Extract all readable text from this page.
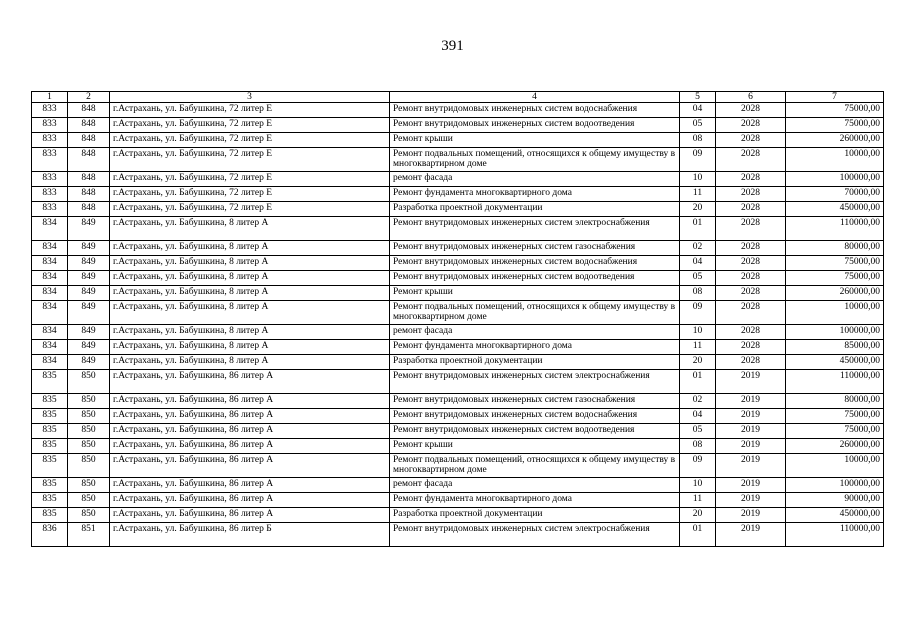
391
1	2	3	4	5	6	7
833	848	г.Астрахань, ул. Бабушкина, 72 литер Е	Ремонт внутридомовых инженерных систем водоснабжения	04	2028	75000,00
833	848	г.Астрахань, ул. Бабушкина, 72 литер Е	Ремонт внутридомовых инженерных систем водоотведения	05	2028	75000,00
833	848	г.Астрахань, ул. Бабушкина, 72 литер Е	Ремонт крыши	08	2028	260000,00
833	848	г.Астрахань, ул. Бабушкина, 72 литер Е	Ремонт подвальных помещений, относящихся к общему имуществу в многоквартирном доме	09	2028	10000,00
833	848	г.Астрахань, ул. Бабушкина, 72 литер Е	ремонт фасада	10	2028	100000,00
833	848	г.Астрахань, ул. Бабушкина, 72 литер Е	Ремонт фундамента многоквартирного дома	11	2028	70000,00
833	848	г.Астрахань, ул. Бабушкина, 72 литер Е	Разработка проектной документации	20	2028	450000,00
834	849	г.Астрахань, ул. Бабушкина, 8 литер А	Ремонт внутридомовых инженерных систем электроснабжения	01	2028	110000,00
834	849	г.Астрахань, ул. Бабушкина, 8 литер А	Ремонт внутридомовых инженерных систем газоснабжения	02	2028	80000,00
834	849	г.Астрахань, ул. Бабушкина, 8 литер А	Ремонт внутридомовых инженерных систем водоснабжения	04	2028	75000,00
834	849	г.Астрахань, ул. Бабушкина, 8 литер А	Ремонт внутридомовых инженерных систем водоотведения	05	2028	75000,00
834	849	г.Астрахань, ул. Бабушкина, 8 литер А	Ремонт крыши	08	2028	260000,00
834	849	г.Астрахань, ул. Бабушкина, 8 литер А	Ремонт подвальных помещений, относящихся к общему имуществу в многоквартирном доме	09	2028	10000,00
834	849	г.Астрахань, ул. Бабушкина, 8 литер А	ремонт фасада	10	2028	100000,00
834	849	г.Астрахань, ул. Бабушкина, 8 литер А	Ремонт фундамента многоквартирного дома	11	2028	85000,00
834	849	г.Астрахань, ул. Бабушкина, 8 литер А	Разработка проектной документации	20	2028	450000,00
835	850	г.Астрахань, ул. Бабушкина, 86 литер А	Ремонт внутридомовых инженерных систем электроснабжения	01	2019	110000,00
835	850	г.Астрахань, ул. Бабушкина, 86 литер А	Ремонт внутридомовых инженерных систем газоснабжения	02	2019	80000,00
835	850	г.Астрахань, ул. Бабушкина, 86 литер А	Ремонт внутридомовых инженерных систем водоснабжения	04	2019	75000,00
835	850	г.Астрахань, ул. Бабушкина, 86 литер А	Ремонт внутридомовых инженерных систем водоотведения	05	2019	75000,00
835	850	г.Астрахань, ул. Бабушкина, 86 литер А	Ремонт крыши	08	2019	260000,00
835	850	г.Астрахань, ул. Бабушкина, 86 литер А	Ремонт подвальных помещений, относящихся к общему имуществу в многоквартирном доме	09	2019	10000,00
835	850	г.Астрахань, ул. Бабушкина, 86 литер А	ремонт фасада	10	2019	100000,00
835	850	г.Астрахань, ул. Бабушкина, 86 литер А	Ремонт фундамента многоквартирного дома	11	2019	90000,00
835	850	г.Астрахань, ул. Бабушкина, 86 литер А	Разработка проектной документации	20	2019	450000,00
836	851	г.Астрахань, ул. Бабушкина, 86 литер Б	Ремонт внутридомовых инженерных систем электроснабжения	01	2019	110000,00
